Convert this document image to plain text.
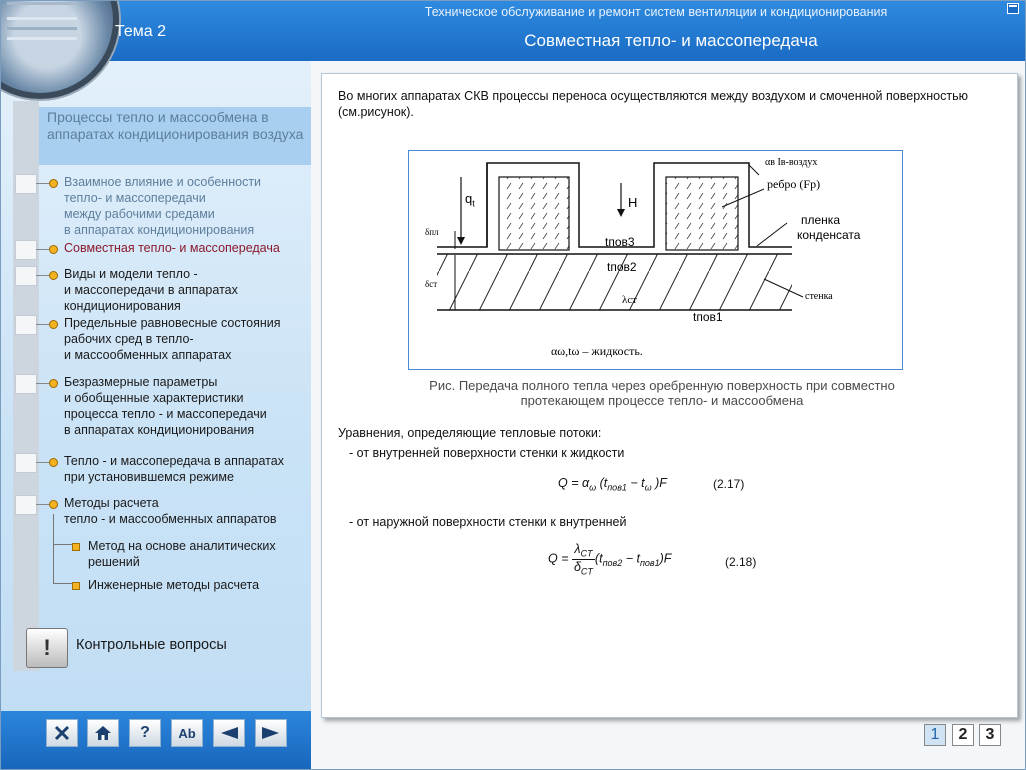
Техническое обслуживание и ремонт систем вентиляции и кондиционирования
Совместная тепло- и массопередача
Процессы тепло и массообмена в аппаратах кондиционирования воздуха
Тема 2
Взаимное влияние и особенности
тепло- и массопередачи
между рабочими средами
в аппаратах кондиционирования
Совместная тепло- и массопередача
Виды и модели тепло -
и массопередачи в аппаратах
кондиционирования
Предельные равновесные состояния
рабочих сред в тепло-
и массообменных аппаратах
Безразмерные параметры
и обобщенные характеристики
процесса тепло - и массопередачи
в аппаратах кондиционирования
Тепло - и массопередача в аппаратах
при установившемся режиме
Методы расчета
тепло - и массообменных аппаратов
Метод на основе аналитических
решений
Инженерные методы расчета
!	Контрольные вопросы
? Ab
Во многих аппаратах СКВ процессы переноса осуществляются между воздухом и смоченной поверхностью (см.рисунок).
$q_t$	H
αв Iв-воздух
ребро (Fр)
пленка
конденсата
δпл
δст
tпов3
tпов2
tпов1
λст	стенка
αω,tω – жидкость.
Рис. Передача полного тепла через оребренную поверхность при совместно протекающем процессе тепло- и массообмена
Уравнения, определяющие тепловые потоки:
- от внутренней поверхности стенки к жидкости
$Q = \alpha_\omega$ ($t_{пов1} - t_\omega$ )F	(2.17)
- от наружной поверхности стенки к внутренней
$Q = \frac{\lambda_{CT}}{\delta_{CT}} (t_{пов2} - t_{пов1})F$	(2.18)
1	2	3
